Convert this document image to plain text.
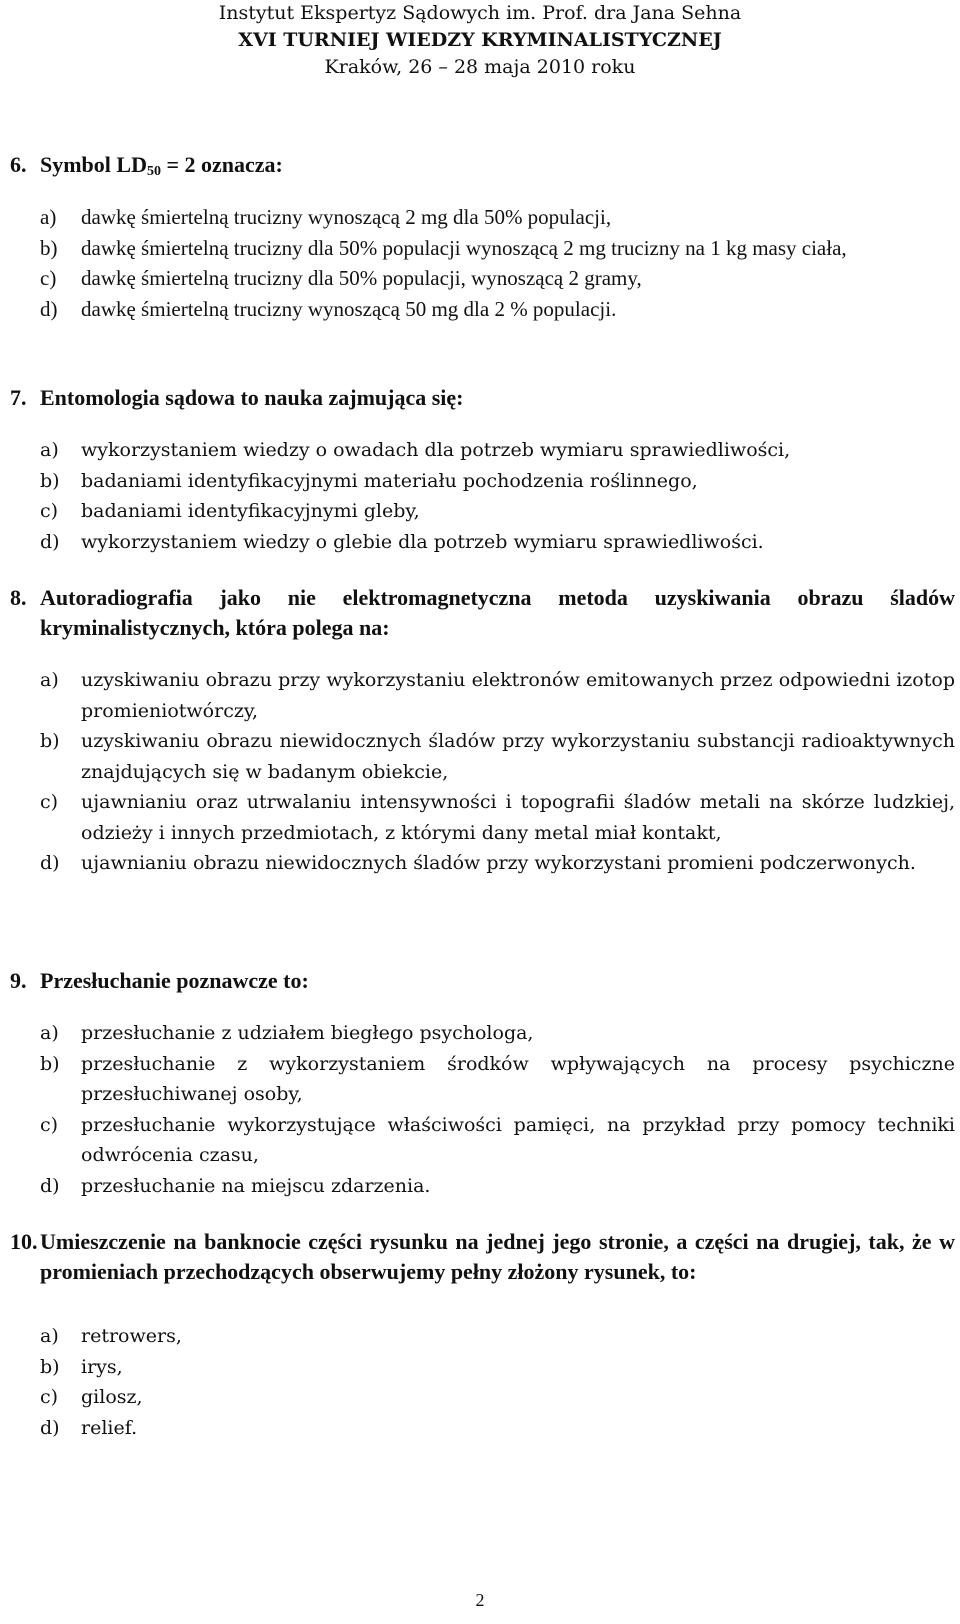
Instytut Ekspertyz Sądowych im. Prof. dra Jana Sehna
XVI TURNIEJ WIEDZY KRYMINALISTYCZNEJ
Kraków, 26 – 28 maja 2010 roku
6. Symbol $LD_{50} = 2$ oznacza:
a) dawkę śmiertelną trucizny wynoszącą 2 mg dla 50% populacji,
b) dawkę śmiertelną trucizny dla 50% populacji wynoszącą 2 mg trucizny na 1 kg masy ciała,
c) dawkę śmiertelną trucizny dla 50% populacji, wynoszącą 2 gramy,
d) dawkę śmiertelną trucizny wynoszącą 50 mg dla 2 % populacji.
7. Entomologia sądowa to nauka zajmująca się:
a) wykorzystaniem wiedzy o owadach dla potrzeb wymiaru sprawiedliwości,
b) badaniami identyfikacyjnymi materiału pochodzenia roślinnego,
c) badaniami identyfikacyjnymi gleby,
d) wykorzystaniem wiedzy o glebie dla potrzeb wymiaru sprawiedliwości.
8. Autoradiografia jako nie elektromagnetyczna metoda uzyskiwania obrazu śladów kryminalistycznych, która polega na:
a) uzyskiwaniu obrazu przy wykorzystaniu elektronów emitowanych przez odpowiedni izotop promieniotwórczy,
b) uzyskiwaniu obrazu niewidocznych śladów przy wykorzystaniu substancji radioaktywnych znajdujących się w badanym obiekcie,
c) ujawnianiu oraz utrwalaniu intensywności i topografii śladów metali na skórze ludzkiej, odzieży i innych przedmiotach, z którymi dany metal miał kontakt,
d) ujawnianiu obrazu niewidocznych śladów przy wykorzystani promieni podczerwonych.
9. Przesłuchanie poznawcze to:
a) przesłuchanie z udziałem biegłego psychologa,
b) przesłuchanie z wykorzystaniem środków wpływających na procesy psychiczne przesłuchiwanej osoby,
c) przesłuchanie wykorzystujące właściwości pamięci, na przykład przy pomocy techniki odwrócenia czasu,
d) przesłuchanie na miejscu zdarzenia.
10. Umieszczenie na banknocie części rysunku na jednej jego stronie, a części na drugiej, tak, że w promieniach przechodzących obserwujemy pełny złożony rysunek, to:
a) retrowers,
b) irys,
c) gilosz,
d) relief.
2
